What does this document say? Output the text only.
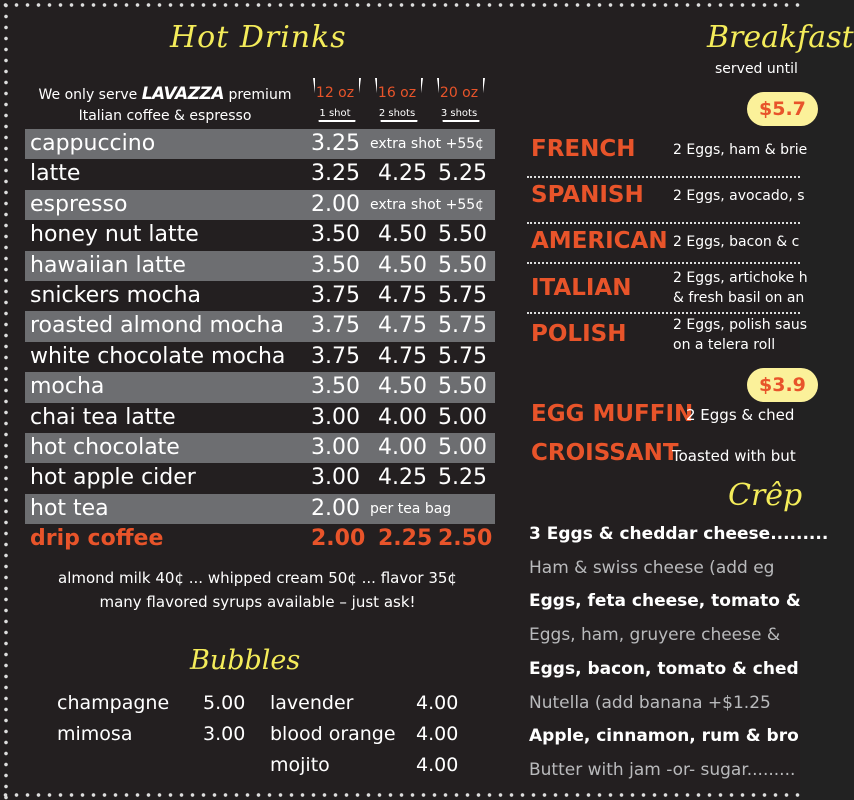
Hot Drinks
We only serve LAVAZZA premium
Italian coffee & espresso
12 oz
1 shot
16 oz
2 shots
20 oz
3 shots
cappuccino	3.25 extra shot +55¢
latte	3.25 4.25 5.25
espresso	2.00 extra shot +55¢
honey nut latte	3.50 4.50 5.50
hawaiian latte	3.50 4.50 5.50
snickers mocha	3.75 4.75 5.75
roasted almond mocha 3.75 4.75 5.75
white chocolate mocha 3.75 4.75 5.75
mocha	3.50 4.50 5.50
chai tea latte	3.00 4.00 5.00
hot chocolate	3.00 4.00 5.00
hot apple cider	3.00 4.25 5.25
hot tea	2.00 per tea bag
drip coffee	2.00 2.25 2.50
almond milk 40¢ ... whipped cream 50¢ ... flavor 35¢
many flavored syrups available – just ask!
Bubbles
champagne 5.00
mimosa	3.00
lavender	4.00
blood orange 4.00
mojito	4.00
Breakfast
served until
$5.7
FRENCH	2 Eggs, ham & brie
SPANISH 2 Eggs, avocado, s
AMERICAN 2 Eggs, bacon & c
ITALIAN	2 Eggs, artichoke h
& fresh basil on an
POLISH	2 Eggs, polish saus
on a telera roll
$3.9
EGG MUFFIN
2 Eggs & ched
CROISSANT
Toasted with but
Crêp
3 Eggs & cheddar cheese.........
Ham & swiss cheese (add eg
Eggs, feta cheese, tomato &
Eggs, ham, gruyere cheese &
Eggs, bacon, tomato & ched
Nutella (add banana +$1.25
Apple, cinnamon, rum & bro
Butter with jam -or- sugar.........
